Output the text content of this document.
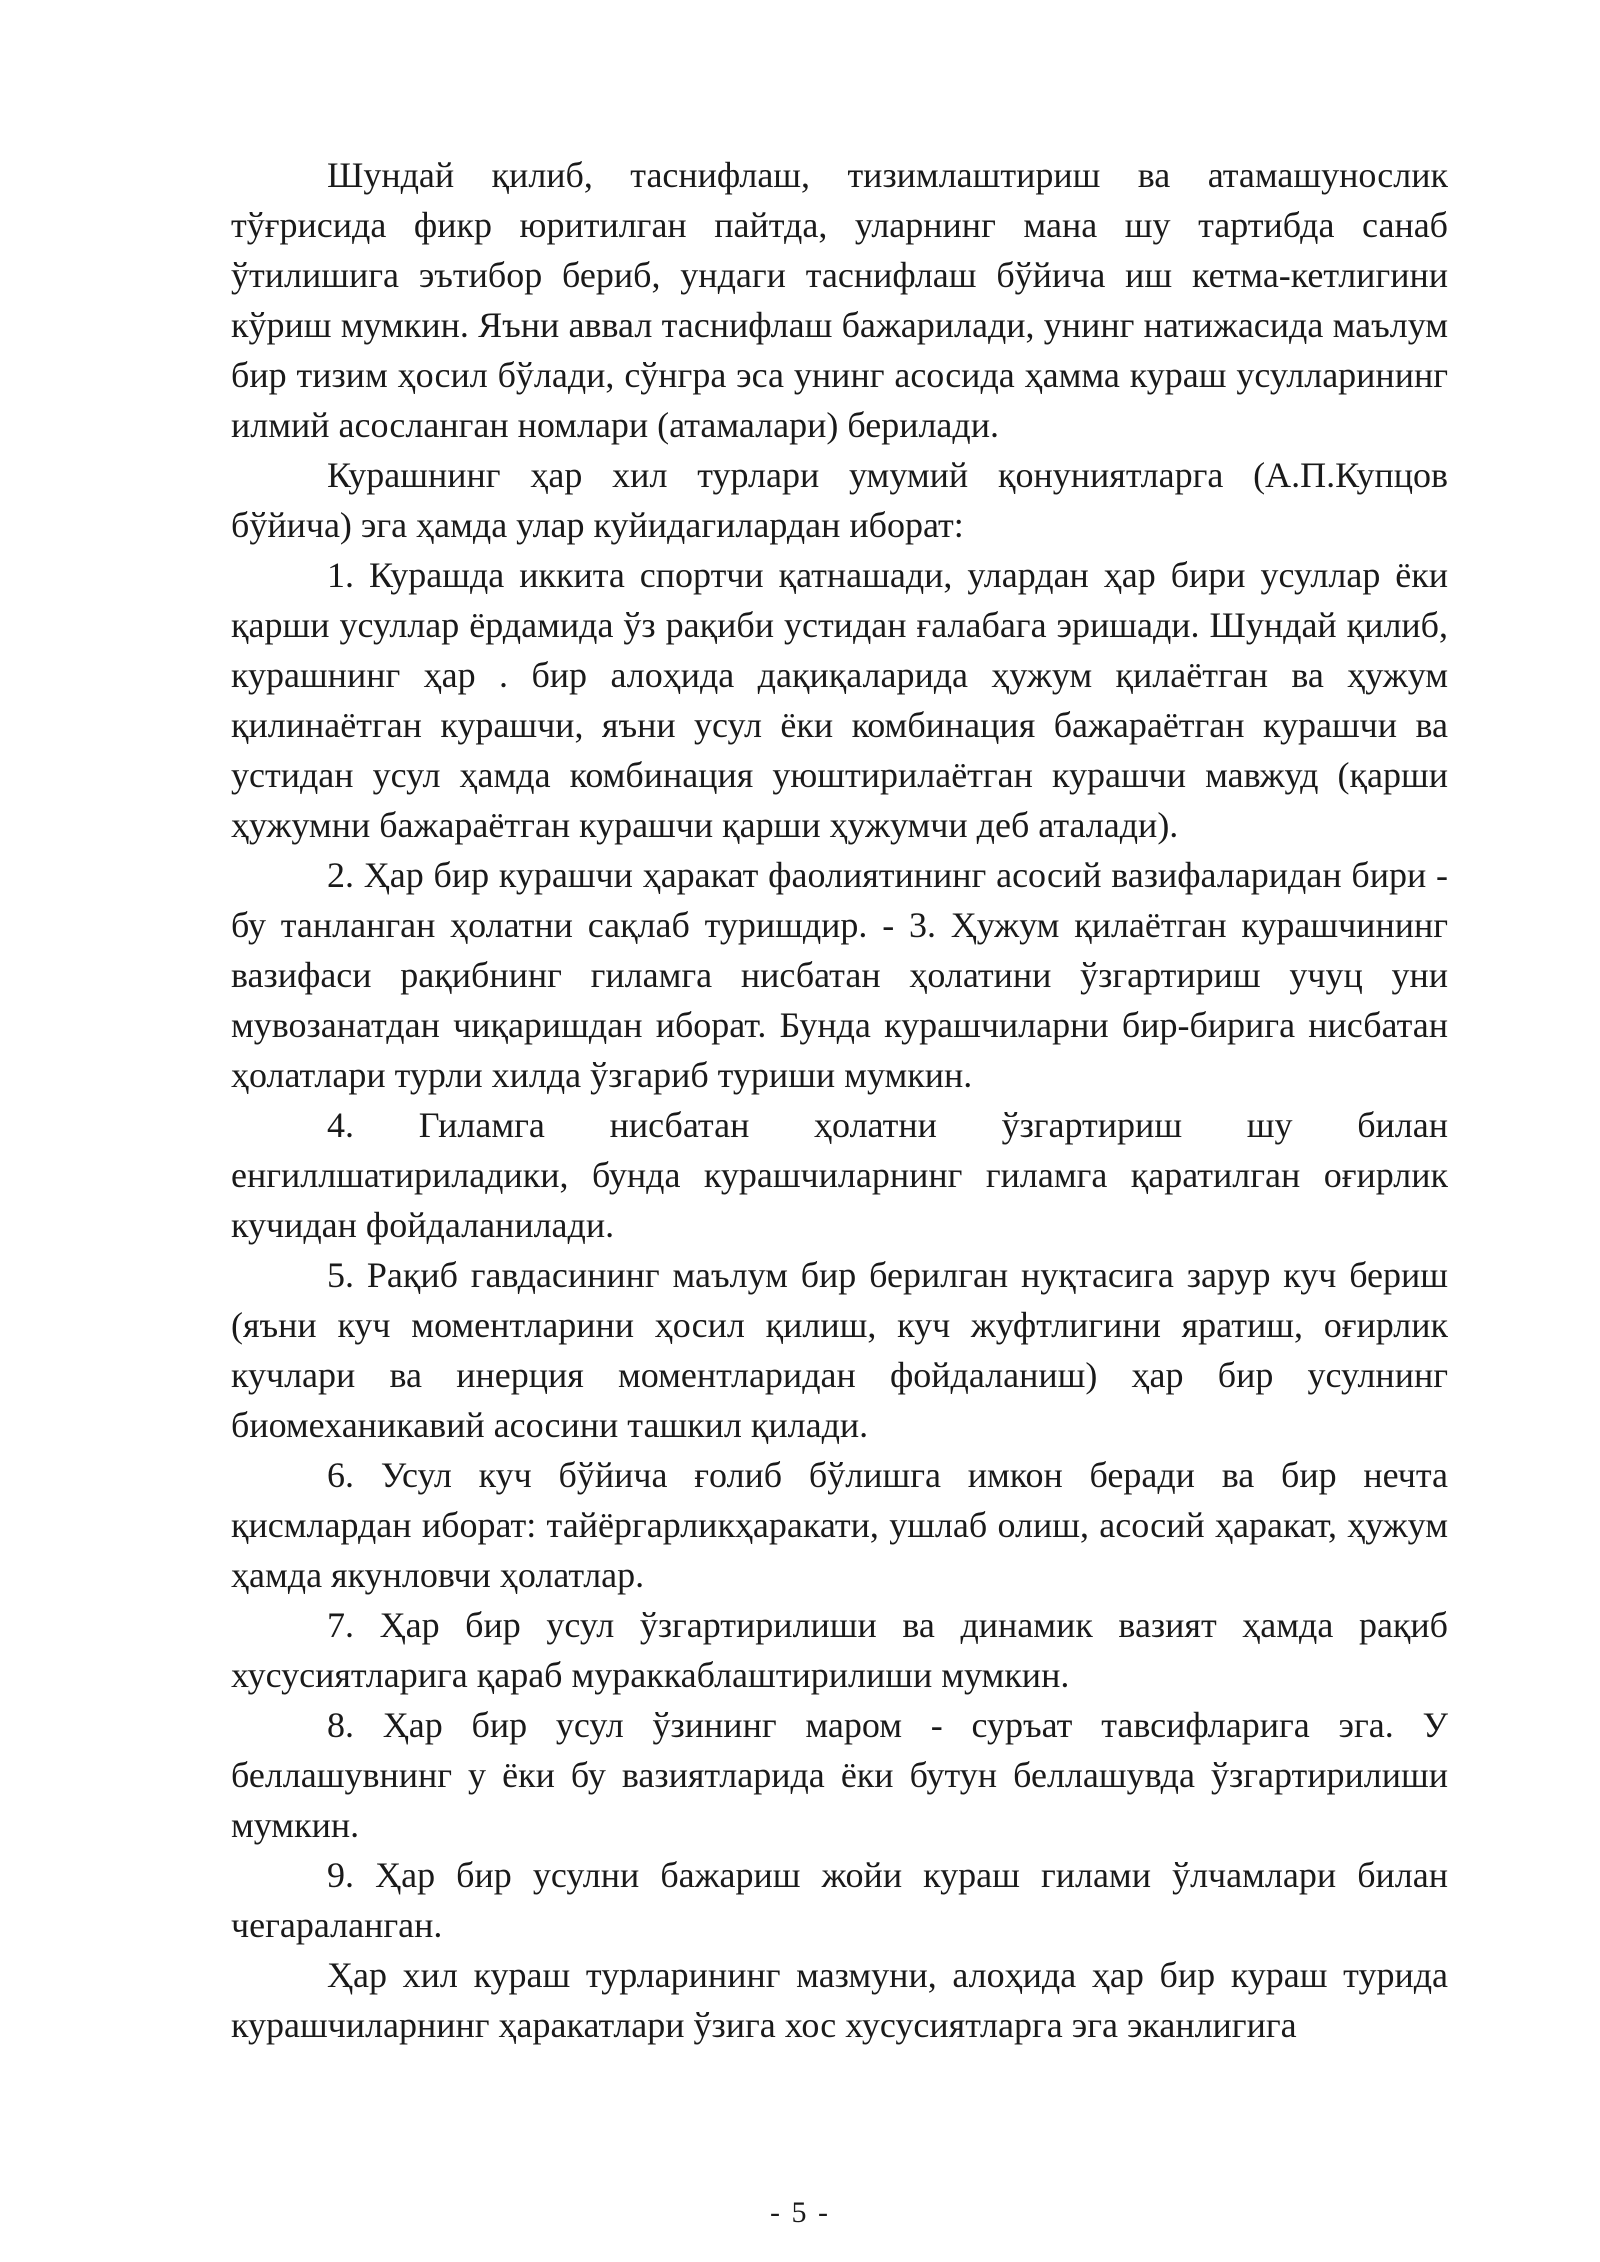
Шундай қилиб, таснифлаш, тизимлаштириш ва атамашунослик тўғрисида фикр юритилган пайтда, уларнинг мана шу тартибда санаб ўтилишига эътибор бериб, ундаги таснифлаш бўйича иш кетма-кетлигини кўриш мумкин. Яъни аввал таснифлаш бажарилади, унинг натижасида маълум бир тизим ҳосил бўлади, сўнгра эса унинг асосида ҳамма кураш усулларининг илмий асосланган номлари (атамалари) берилади.

Курашнинг ҳар хил турлари умумий қонуниятларга (А.П.Купцов бўйича) эга ҳамда улар куйидагилардан иборат:

1. Курашда иккита спортчи қатнашади, улардан ҳар бири усуллар ёки қарши усуллар ёрдамида ўз рақиби устидан ғалабага эришади. Шундай қилиб, курашнинг ҳар . бир алоҳида дақиқаларида ҳужум қилаётган ва ҳужум қилинаётган курашчи, яъни усул ёки комбинация бажараётган курашчи ва устидан усул ҳамда комбинация уюштирилаётган курашчи мавжуд (қарши ҳужумни бажараётган курашчи қарши ҳужумчи деб аталади).

2. Ҳар бир курашчи ҳаракат фаолиятининг асосий вазифаларидан бири - бу танланган ҳолатни сақлаб туришдир. - 3. Ҳужум қилаётган курашчининг вазифаси рақибнинг гиламга нисбатан ҳолатини ўзгартириш учуц уни мувозанатдан чиқаришдан иборат. Бунда курашчиларни бир-бирига нисбатан ҳолатлари турли хилда ўзгариб туриши мумкин.

4. Гиламга нисбатан ҳолатни ўзгартириш шу билан енгиллшатириладики, бунда курашчиларнинг гиламга қаратилган оғирлик кучидан фойдаланилади.

5. Рақиб гавдасининг маълум бир берилган нуқтасига зарур куч бериш (яъни куч моментларини ҳосил қилиш, куч жуфтлигини яратиш, оғирлик кучлари ва инерция моментларидан фойдаланиш) ҳар бир усулнинг биомеханикавий асосини ташкил қилади.

6. Усул куч бўйича ғолиб бўлишга имкон беради ва бир нечта қисмлардан иборат: тайёргарликҳаракати, ушлаб олиш, асосий ҳаракат, ҳужум ҳамда якунловчи ҳолатлар.

7. Ҳар бир усул ўзгартирилиши ва динамик вазият ҳамда рақиб хусусиятларига қараб мураккаблаштирилиши мумкин.

8. Ҳар бир усул ўзининг маром - суръат тавсифларига эга. У беллашувнинг у ёки бу вазиятларида ёки бутун беллашувда ўзгартирилиши мумкин.

9. Ҳар бир усулни бажариш жойи кураш гилами ўлчамлари билан чегараланган.

Ҳар хил кураш турларининг мазмуни, алоҳида ҳар бир кураш турида курашчиларнинг ҳаракатлари ўзига хос хусусиятларга эга эканлигига

- 5 -
